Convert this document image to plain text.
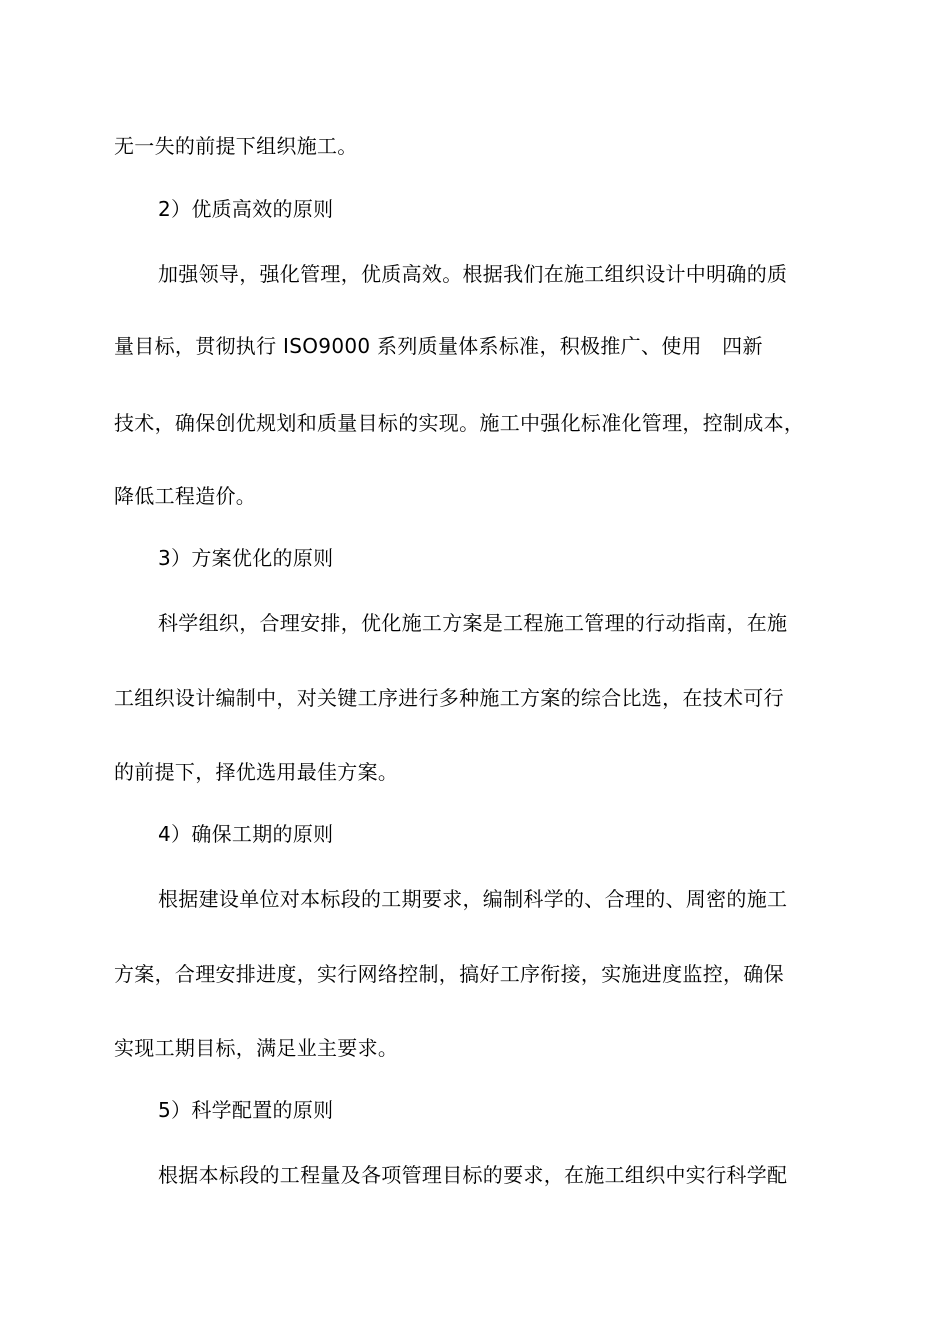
无一失的前提下组织施工。
2）优质高效的原则
加强领导，强化管理，优质高效。根据我们在施工组织设计中明确的质
量目标，贯彻执行 ISO9000 系列质量体系标准，积极推广、使用　四新
技术，确保创优规划和质量目标的实现。施工中强化标准化管理，控制成本，
降低工程造价。
3）方案优化的原则
科学组织，合理安排，优化施工方案是工程施工管理的行动指南，在施
工组织设计编制中，对关键工序进行多种施工方案的综合比选，在技术可行
的前提下，择优选用最佳方案。
4）确保工期的原则
根据建设单位对本标段的工期要求，编制科学的、合理的、周密的施工
方案，合理安排进度，实行网络控制，搞好工序衔接，实施进度监控，确保
实现工期目标，满足业主要求。
5）科学配置的原则
根据本标段的工程量及各项管理目标的要求，在施工组织中实行科学配
